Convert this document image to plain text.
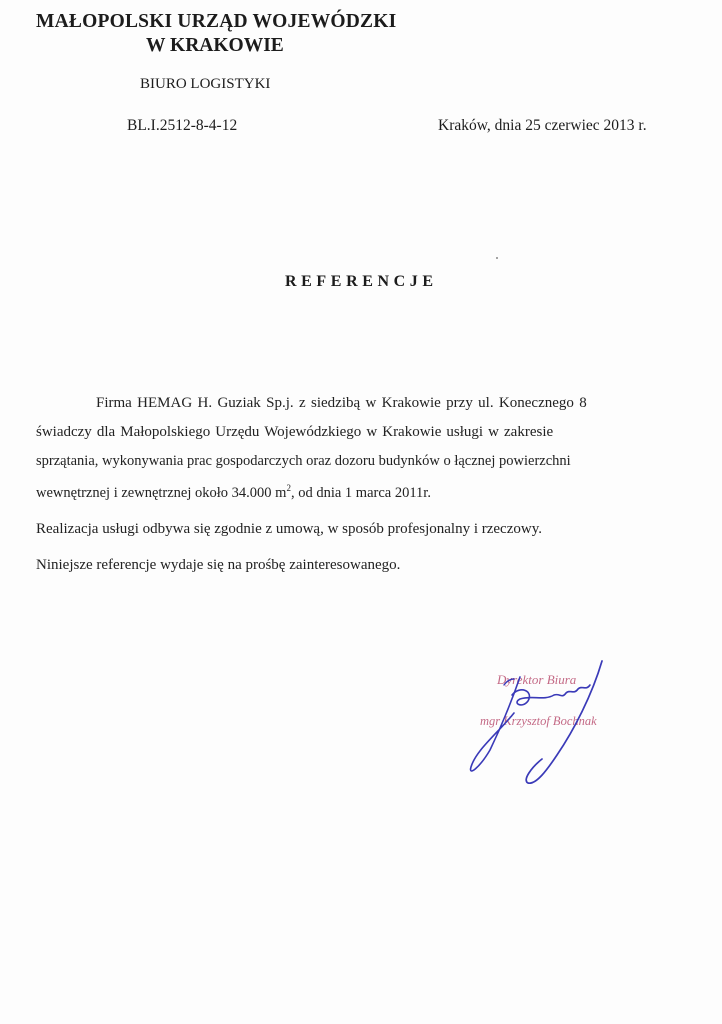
MAŁOPOLSKI URZĄD WOJEWÓDZKI
W KRAKOWIE
BIURO LOGISTYKI
BL.I.2512-8-4-12	Kraków, dnia 25 czerwiec 2013 r.
REFERENCJE
Firma HEMAG H. Guziak Sp.j. z siedzibą w Krakowie przy ul. Konecznego 8
świadczy dla Małopolskiego Urzędu Wojewódzkiego w Krakowie usługi w zakresie
sprzątania, wykonywania prac gospodarczych oraz dozoru budynków o łącznej powierzchni
wewnętrznej i zewnętrznej około 34.000 $m^2$, od dnia 1 marca 2011r.
Realizacja usługi odbywa się zgodnie z umową, w sposób profesjonalny i rzeczowy.
Niniejsze referencje wydaje się na prośbę zainteresowanego.
Dyrektor Biura
mgr Krzysztof Bochnak
